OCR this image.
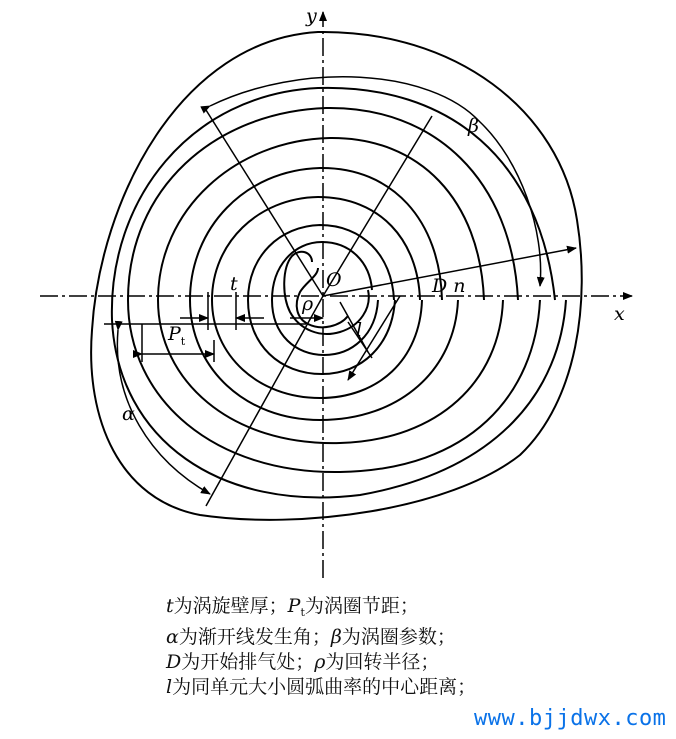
y
x
O
t
$P_t$
ρ
l
α
β
D n
t为涡旋壁厚；$P_t$为涡圈节距；
α为渐开线发生角；β为涡圈参数；
D为开始排气处；ρ为回转半径；
l为同单元大小圆弧曲率的中心距离；
www.bjjdwx.com
